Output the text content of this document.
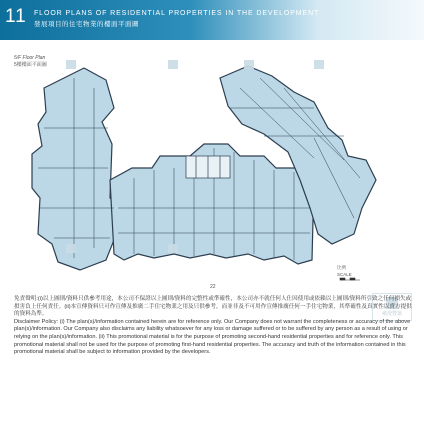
11 FLOOR PLANS OF RESIDENTIAL PROPERTIES IN THE DEVELOPMENT
發展項目的住宅物業的樓面平面圖
5/F Floor Plan
5樓樓面平面圖
22
比例
SCALE
雍澄豐築

免責聲明:(i)以上圖則/資料只供參考用途，本公司不保證以上圖則/資料的完整性或準確性，本公司亦不就任何人仕因使用或依賴以上圖則/資料所引致之任何損失或損害負上任何責任。(ii)本宣傳資料只可作宣傳及推廣二手住宅物業之用及只供參考，而並非及不可用作宣傳推廣任何一手住宅物業，其準確性及真實性以賣方提供的資料為準。

Disclaimer Policy: (i) The plan(s)/information contained herein are for reference only. Our Company does not warrant the completeness or accuracy of the above plan(s)/information. Our Company also disclaims any liability whatsoever for any loss or damage suffered or to be suffered by any person as a result of using or relying on the plan(s)/information. (ii) This promotional material is for the purpose of promoting second-hand residential properties and for reference only. This promotional material shall not be used for the purpose of promoting first-hand residential properties. The accuracy and truth of the information contained in this promotional material shall be subject to information provided by the developers.
